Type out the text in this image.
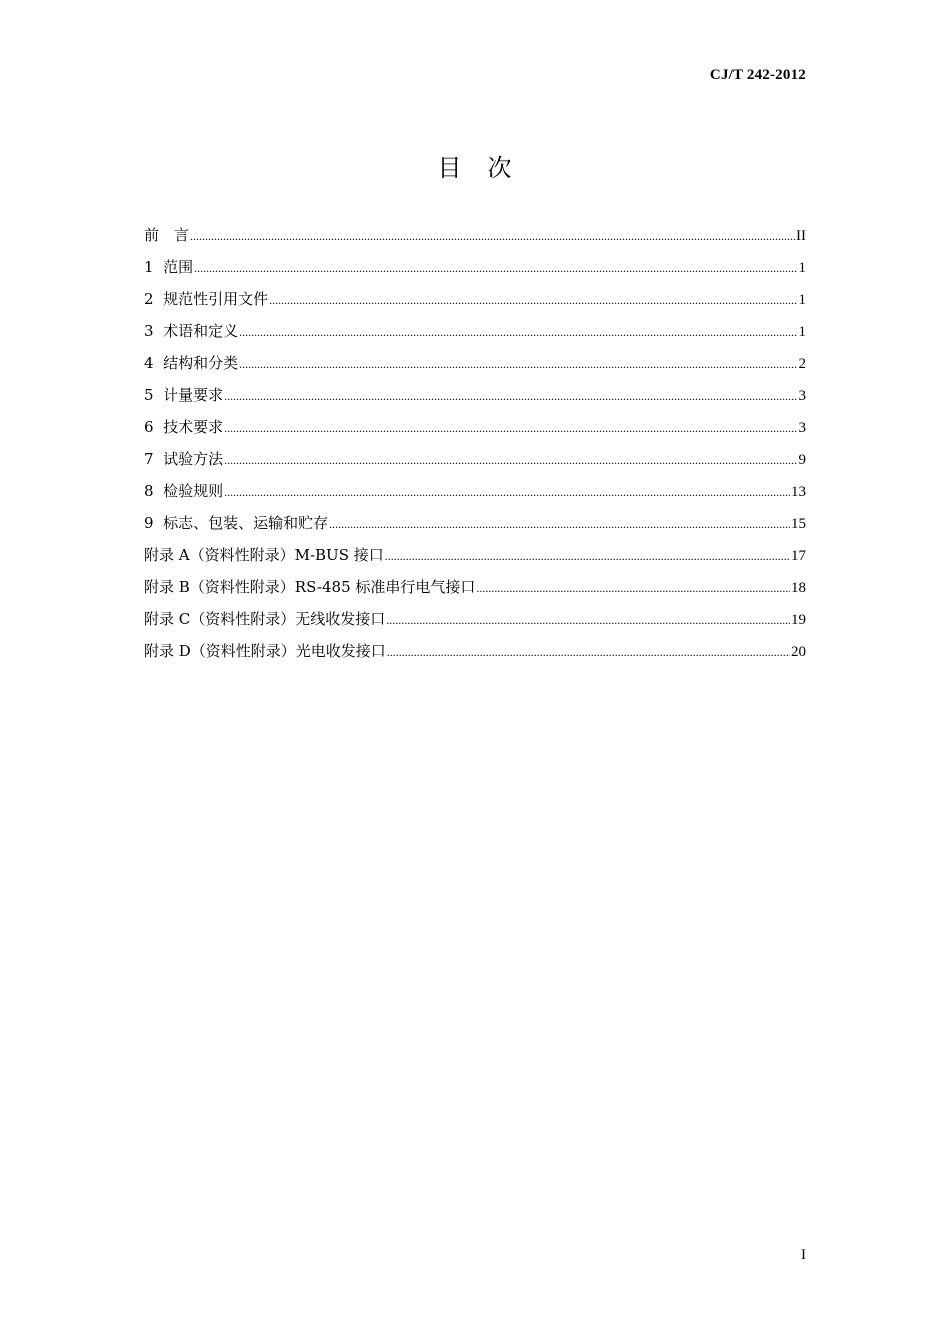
CJ/T 242-2012
目　次
前　言 .....	II
1  范围 .....	1
2  规范性引用文件 .....	1
3  术语和定义 .....	1
4  结构和分类 .....	2
5  计量要求 .....	3
6  技术要求 .....	3
7  试验方法 .....	9
8  检验规则 .....	13
9  标志、包装、运输和贮存 .....	15
附录 A（资料性附录）M-BUS 接口 .....	17
附录 B（资料性附录）RS-485 标准串行电气接口 .....	18
附录 C（资料性附录）无线收发接口 .....	19
附录 D（资料性附录）光电收发接口 .....	20
I
